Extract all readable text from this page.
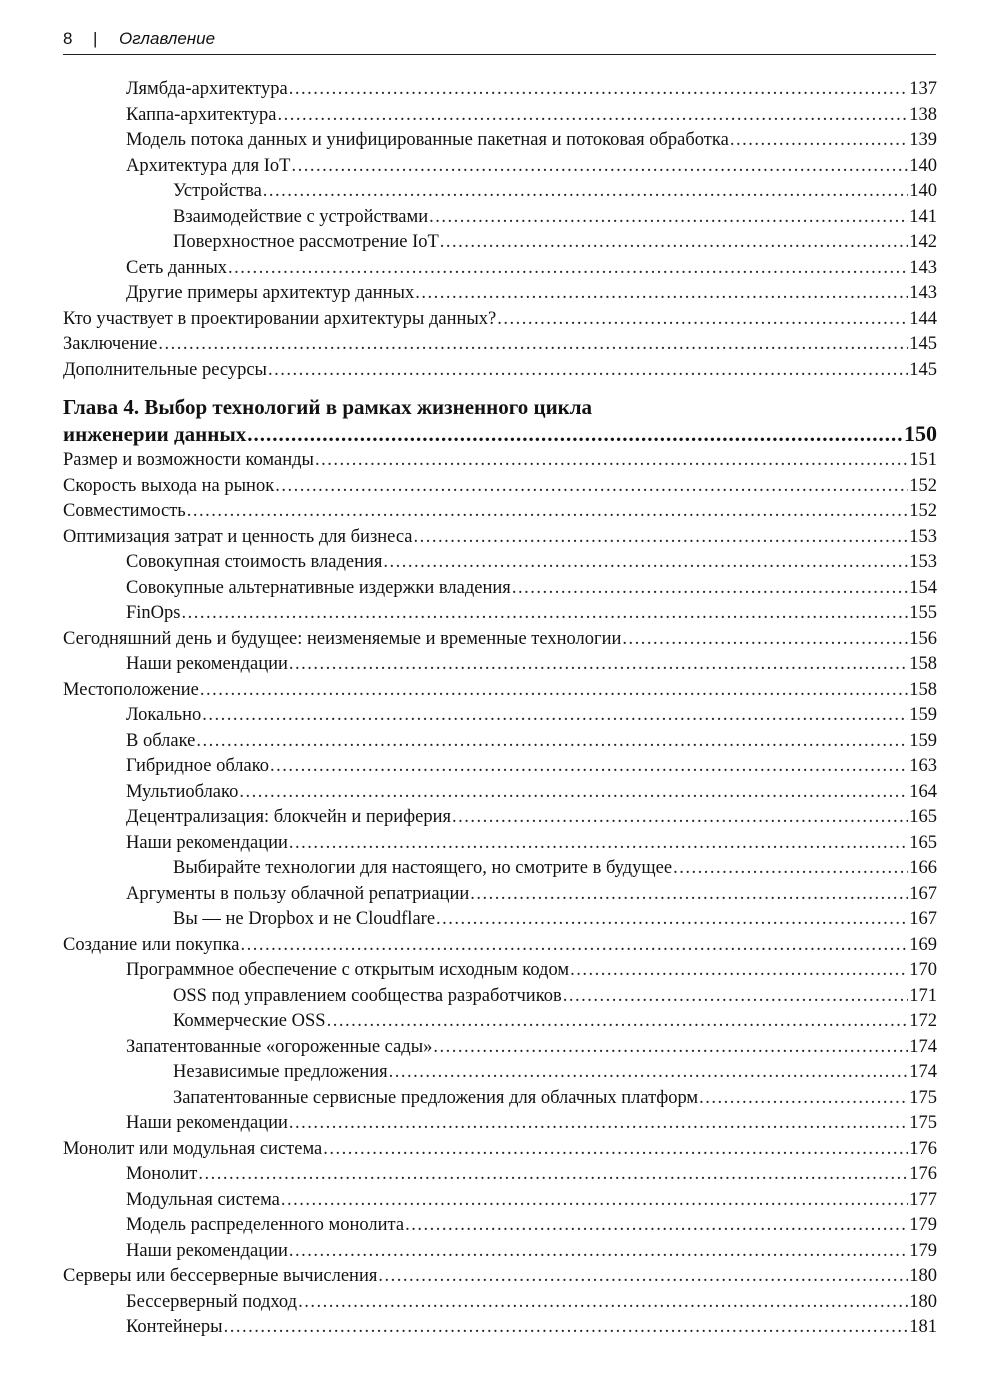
8 | Оглавление
Лямбда-архитектура .....	137
Каппа-архитектура .....	138
Модель потока данных и унифицированные пакетная и потоковая обработка .....	139
Архитектура для IoT .....	140
Устройства .....	140
Взаимодействие с устройствами .....	141
Поверхностное рассмотрение IoT .....	142
Сеть данных .....	143
Другие примеры архитектур данных .....	143
Кто участвует в проектировании архитектуры данных? .....	144
Заключение .....	145
Дополнительные ресурсы .....	145
Глава 4. Выбор технологий в рамках жизненного цикла
инженерии данных .....	150
Размер и возможности команды .....	151
Скорость выхода на рынок .....	152
Совместимость .....	152
Оптимизация затрат и ценность для бизнеса .....	153
Совокупная стоимость владения .....	153
Совокупные альтернативные издержки владения .....	154
FinOps .....	155
Сегодняшний день и будущее: неизменяемые и временные технологии .....	156
Наши рекомендации .....	158
Местоположение .....	158
Локально .....	159
В облаке .....	159
Гибридное облако .....	163
Мультиоблако .....	164
Децентрализация: блокчейн и периферия .....	165
Наши рекомендации .....	165
Выбирайте технологии для настоящего, но смотрите в будущее .....	166
Аргументы в пользу облачной репатриации .....	167
Вы — не Dropbox и не Cloudflare .....	167
Создание или покупка .....	169
Программное обеспечение с открытым исходным кодом .....	170
OSS под управлением сообщества разработчиков .....	171
Коммерческие OSS .....	172
Запатентованные «огороженные сады» .....	174
Независимые предложения .....	174
Запатентованные сервисные предложения для облачных платформ .....	175
Наши рекомендации .....	175
Монолит или модульная система .....	176
Монолит .....	176
Модульная система .....	177
Модель распределенного монолита .....	179
Наши рекомендации .....	179
Серверы или бессерверные вычисления .....	180
Бессерверный подход .....	180
Контейнеры .....	181
